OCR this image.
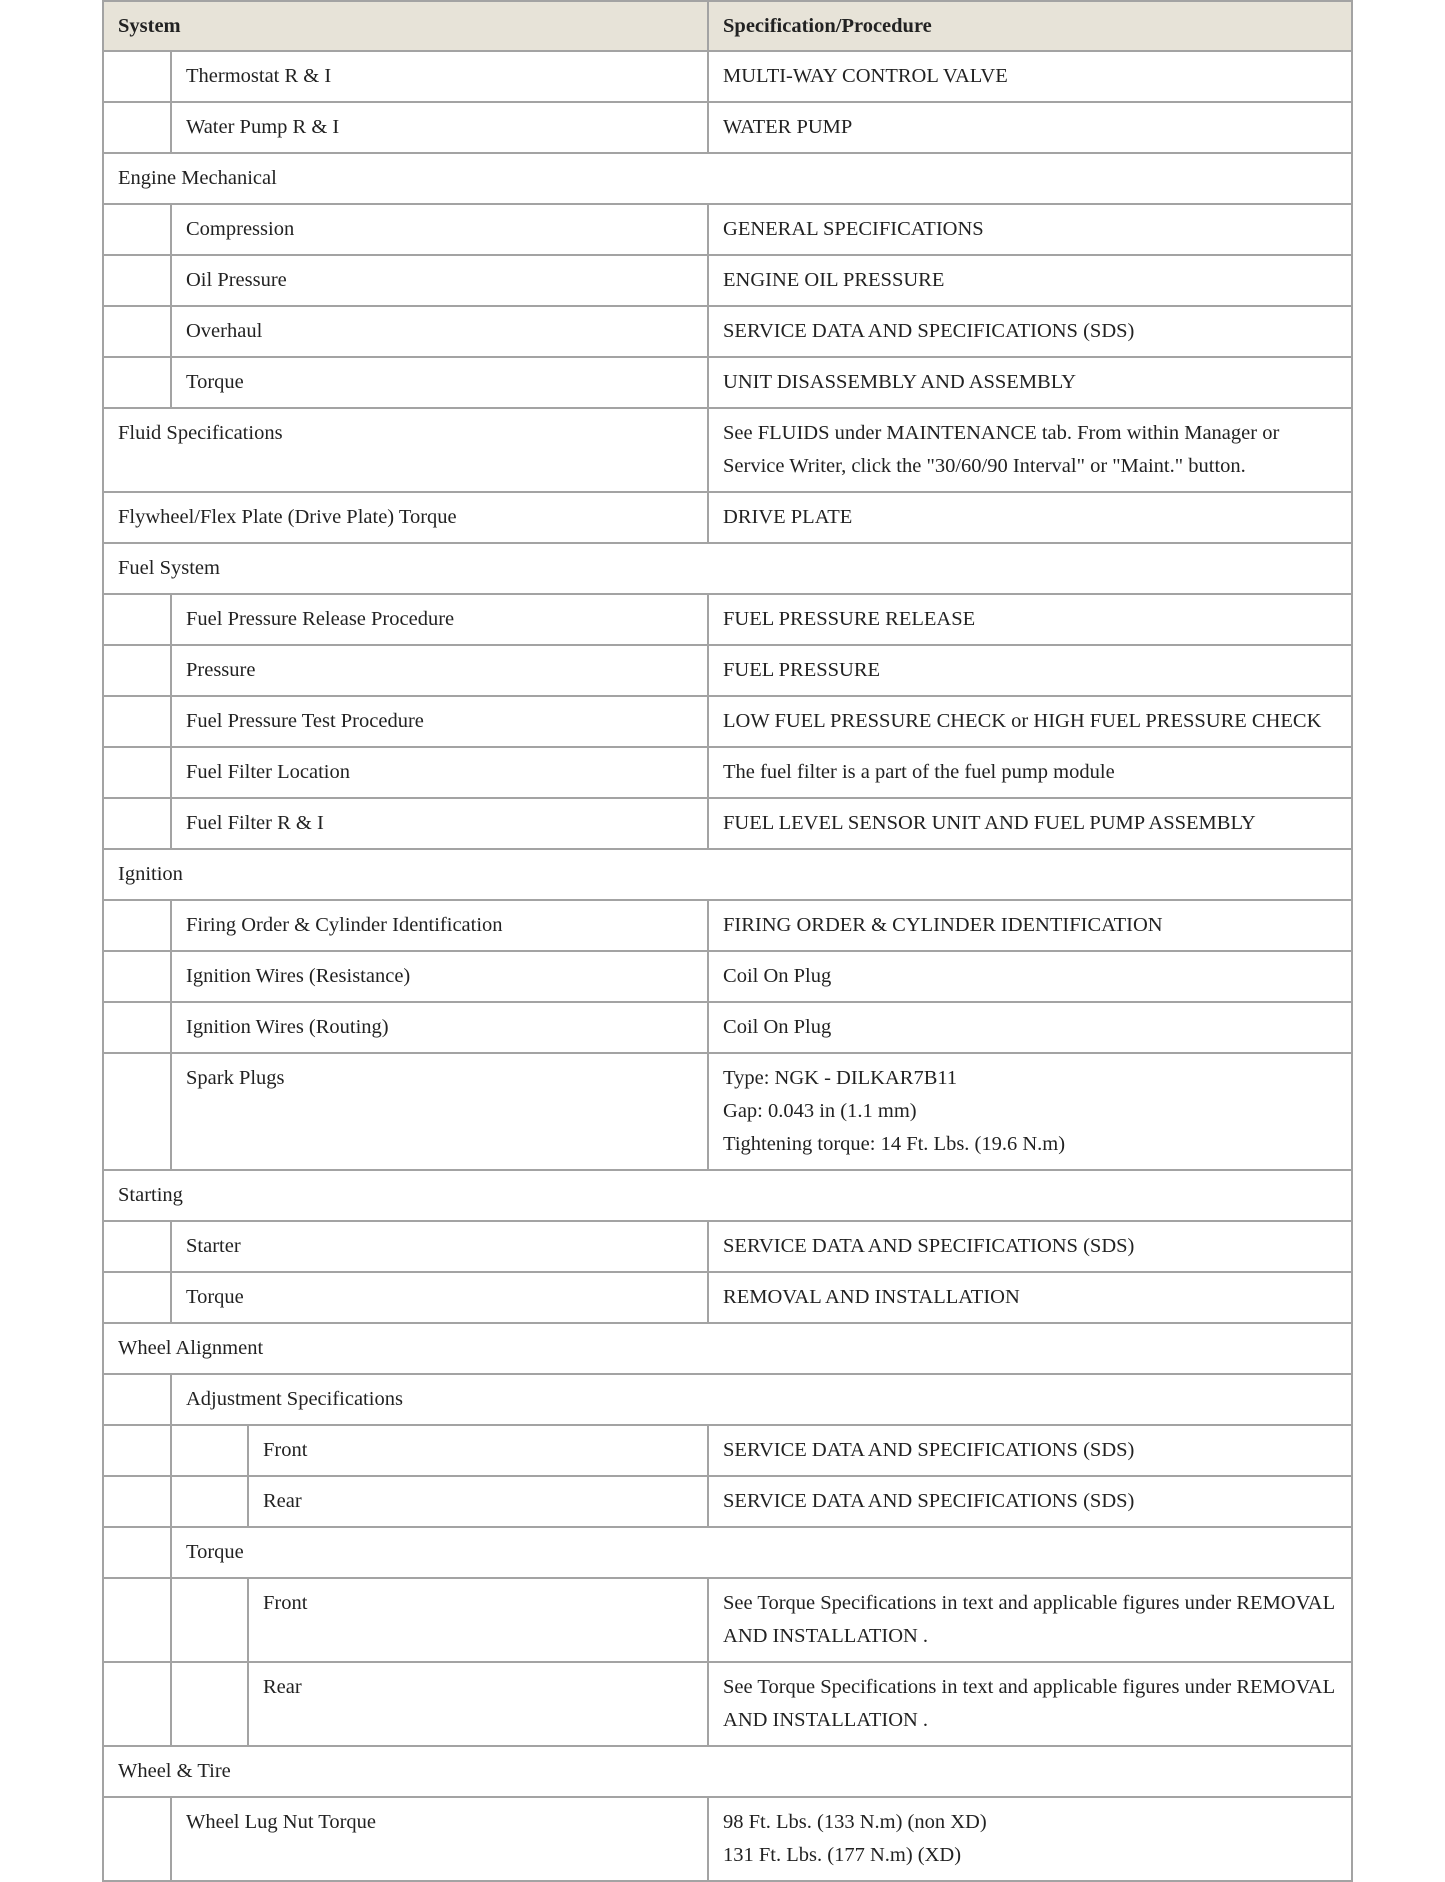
System			Specification/Procedure
	Thermostat R & I		MULTI-WAY CONTROL VALVE
	Water Pump R & I		WATER PUMP
Engine Mechanical			
	Compression		GENERAL SPECIFICATIONS
	Oil Pressure		ENGINE OIL PRESSURE
	Overhaul		SERVICE DATA AND SPECIFICATIONS (SDS)
	Torque		UNIT DISASSEMBLY AND ASSEMBLY
Fluid Specifications			See FLUIDS under MAINTENANCE tab. From within Manager or Service Writer, click the "30/60/90 Interval" or "Maint." button.
Flywheel/Flex Plate (Drive Plate) Torque			DRIVE PLATE
Fuel System			
	Fuel Pressure Release Procedure		FUEL PRESSURE RELEASE
	Pressure		FUEL PRESSURE
	Fuel Pressure Test Procedure		LOW FUEL PRESSURE CHECK or HIGH FUEL PRESSURE CHECK
	Fuel Filter Location		The fuel filter is a part of the fuel pump module
	Fuel Filter R & I		FUEL LEVEL SENSOR UNIT AND FUEL PUMP ASSEMBLY
Ignition			
	Firing Order & Cylinder Identification		FIRING ORDER & CYLINDER IDENTIFICATION
	Ignition Wires (Resistance)		Coil On Plug
	Ignition Wires (Routing)		Coil On Plug
	Spark Plugs		Type: NGK - DILKAR7B11
Gap: 0.043 in (1.1 mm)
Tightening torque: 14 Ft. Lbs. (19.6 N.m)

Starting			
	Starter		SERVICE DATA AND SPECIFICATIONS (SDS)
	Torque		REMOVAL AND INSTALLATION
Wheel Alignment			
	Adjustment Specifications		
		Front	SERVICE DATA AND SPECIFICATIONS (SDS)
		Rear	SERVICE DATA AND SPECIFICATIONS (SDS)
	Torque		
		Front	See Torque Specifications in text and applicable figures under REMOVAL AND INSTALLATION .
		Rear	See Torque Specifications in text and applicable figures under REMOVAL AND INSTALLATION .
Wheel & Tire			
	Wheel Lug Nut Torque		98 Ft. Lbs. (133 N.m) (non XD)
131 Ft. Lbs. (177 N.m) (XD)
